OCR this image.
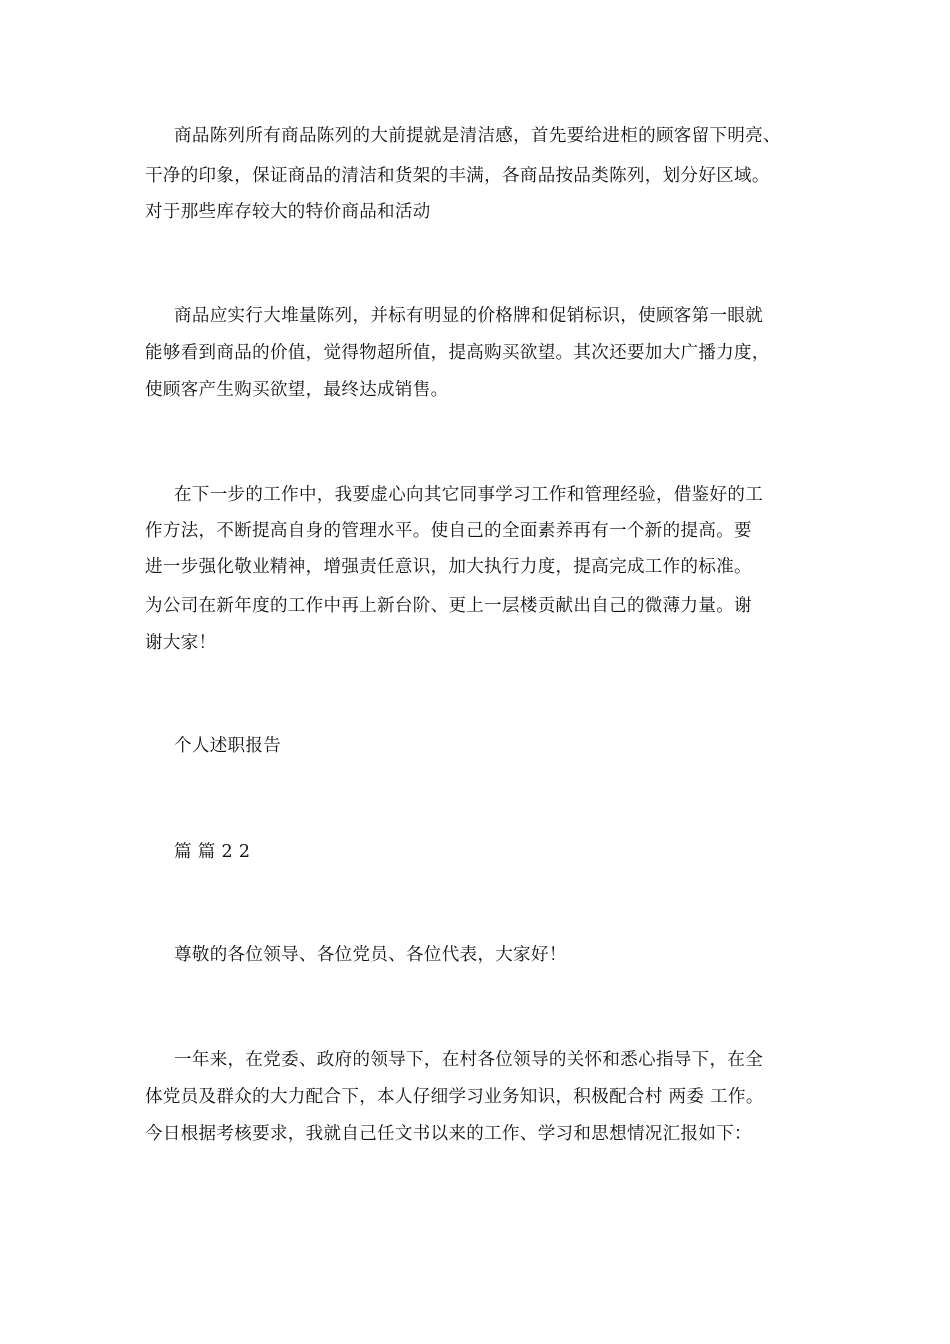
商品陈列所有商品陈列的大前提就是清洁感，首先要给进柜的顾客留下明亮、

干净的印象，保证商品的清洁和货架的丰满，各商品按品类陈列，划分好区域。

对于那些库存较大的特价商品和活动

商品应实行大堆量陈列，并标有明显的价格牌和促销标识，使顾客第一眼就

能够看到商品的价值，觉得物超所值，提高购买欲望。其次还要加大广播力度，

使顾客产生购买欲望，最终达成销售。

在下一步的工作中，我要虚心向其它同事学习工作和管理经验，借鉴好的工

作方法，不断提高自身的管理水平。使自己的全面素养再有一个新的提高。要

进一步强化敬业精神，增强责任意识，加大执行力度，提高完成工作的标准。

为公司在新年度的工作中再上新台阶、更上一层楼贡献出自己的微薄力量。谢

谢大家！

个人述职报告

篇 篇 2 2

尊敬的各位领导、各位党员、各位代表，大家好！

一年来，在党委、政府的领导下，在村各位领导的关怀和悉心指导下，在全

体党员及群众的大力配合下，本人仔细学习业务知识，积极配合村 两委 工作。

今日根据考核要求，我就自己任文书以来的工作、学习和思想情况汇报如下：
